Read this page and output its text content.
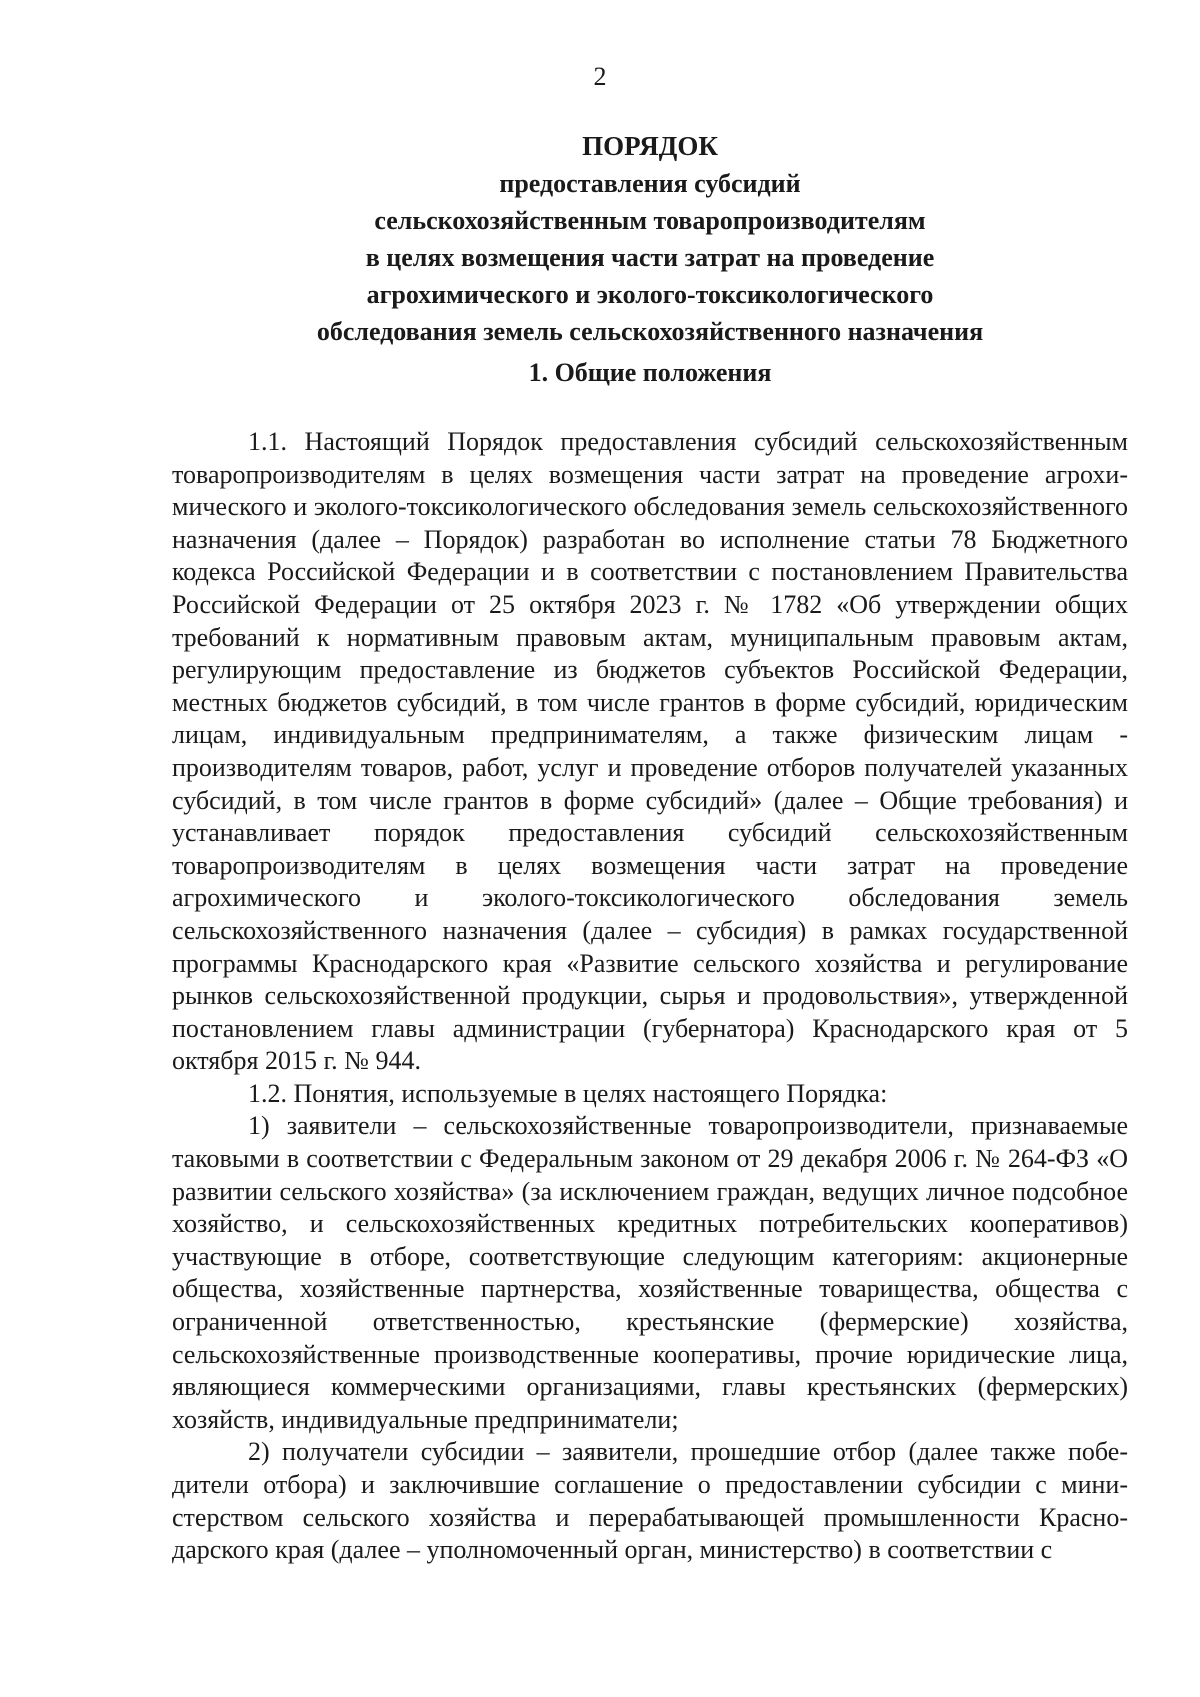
2
ПОРЯДОК
предоставления субсидий
сельскохозяйственным товаропроизводителям
в целях возмещения части затрат на проведение
агрохимического и эколого-токсикологического
обследования земель сельскохозяйственного назначения
1. Общие положения

1.1. Настоящий Порядок предоставления субсидий сельскохозяйственным товаропроизводителям в целях возмещения части затрат на проведение агрохимического и эколого-токсикологического обследования земель сельскохозяйственного назначения (далее – Порядок) разработан во исполнение статьи 78 Бюджетного кодекса Российской Федерации и в соответствии с постановлением Правительства Российской Федерации от 25 октября 2023 г. № 1782 «Об утверждении общих требований к нормативным правовым актам, муниципальным правовым актам, регулирующим предоставление из бюджетов субъектов Российской Федерации, местных бюджетов субсидий, в том числе грантов в форме субсидий, юридическим лицам, индивидуальным предпринимателям, а также физическим лицам - производителям товаров, работ, услуг и проведение отборов получателей указанных субсидий, в том числе грантов в форме субсидий» (далее – Общие требования) и устанавливает порядок предоставления субсидий сельскохозяйственным товаропроизводителям в целях возмещения части затрат на проведение агрохимического и эколого-токсикологического обследования земель сельскохозяйственного назначения (далее – субсидия) в рамках государственной программы Краснодарского края «Развитие сельского хозяйства и регулирование рынков сельскохозяйственной продукции, сырья и продовольствия», утвержденной постановлением главы администрации (губернатора) Краснодарского края от 5 октября 2015 г. № 944.

1.2. Понятия, используемые в целях настоящего Порядка:

1) заявители – сельскохозяйственные товаропроизводители, признаваемые таковыми в соответствии с Федеральным законом от 29 декабря 2006 г. № 264-ФЗ «О развитии сельского хозяйства» (за исключением граждан, ведущих личное подсобное хозяйство, и сельскохозяйственных кредитных потребительских кооперативов) участвующие в отборе, соответствующие следующим категориям: акционерные общества, хозяйственные партнерства, хозяйственные товарищества, общества с ограниченной ответственностью, крестьянские (фермерские) хозяйства, сельскохозяйственные производственные кооперативы, прочие юридические лица, являющиеся коммерческими организациями, главы крестьянских (фермерских) хозяйств, индивидуальные предприниматели;

2) получатели субсидии – заявители, прошедшие отбор (далее также победители отбора) и заключившие соглашение о предоставлении субсидии с министерством сельского хозяйства и перерабатывающей промышленности Краснодарского края (далее – уполномоченный орган, министерство) в соответствии с
